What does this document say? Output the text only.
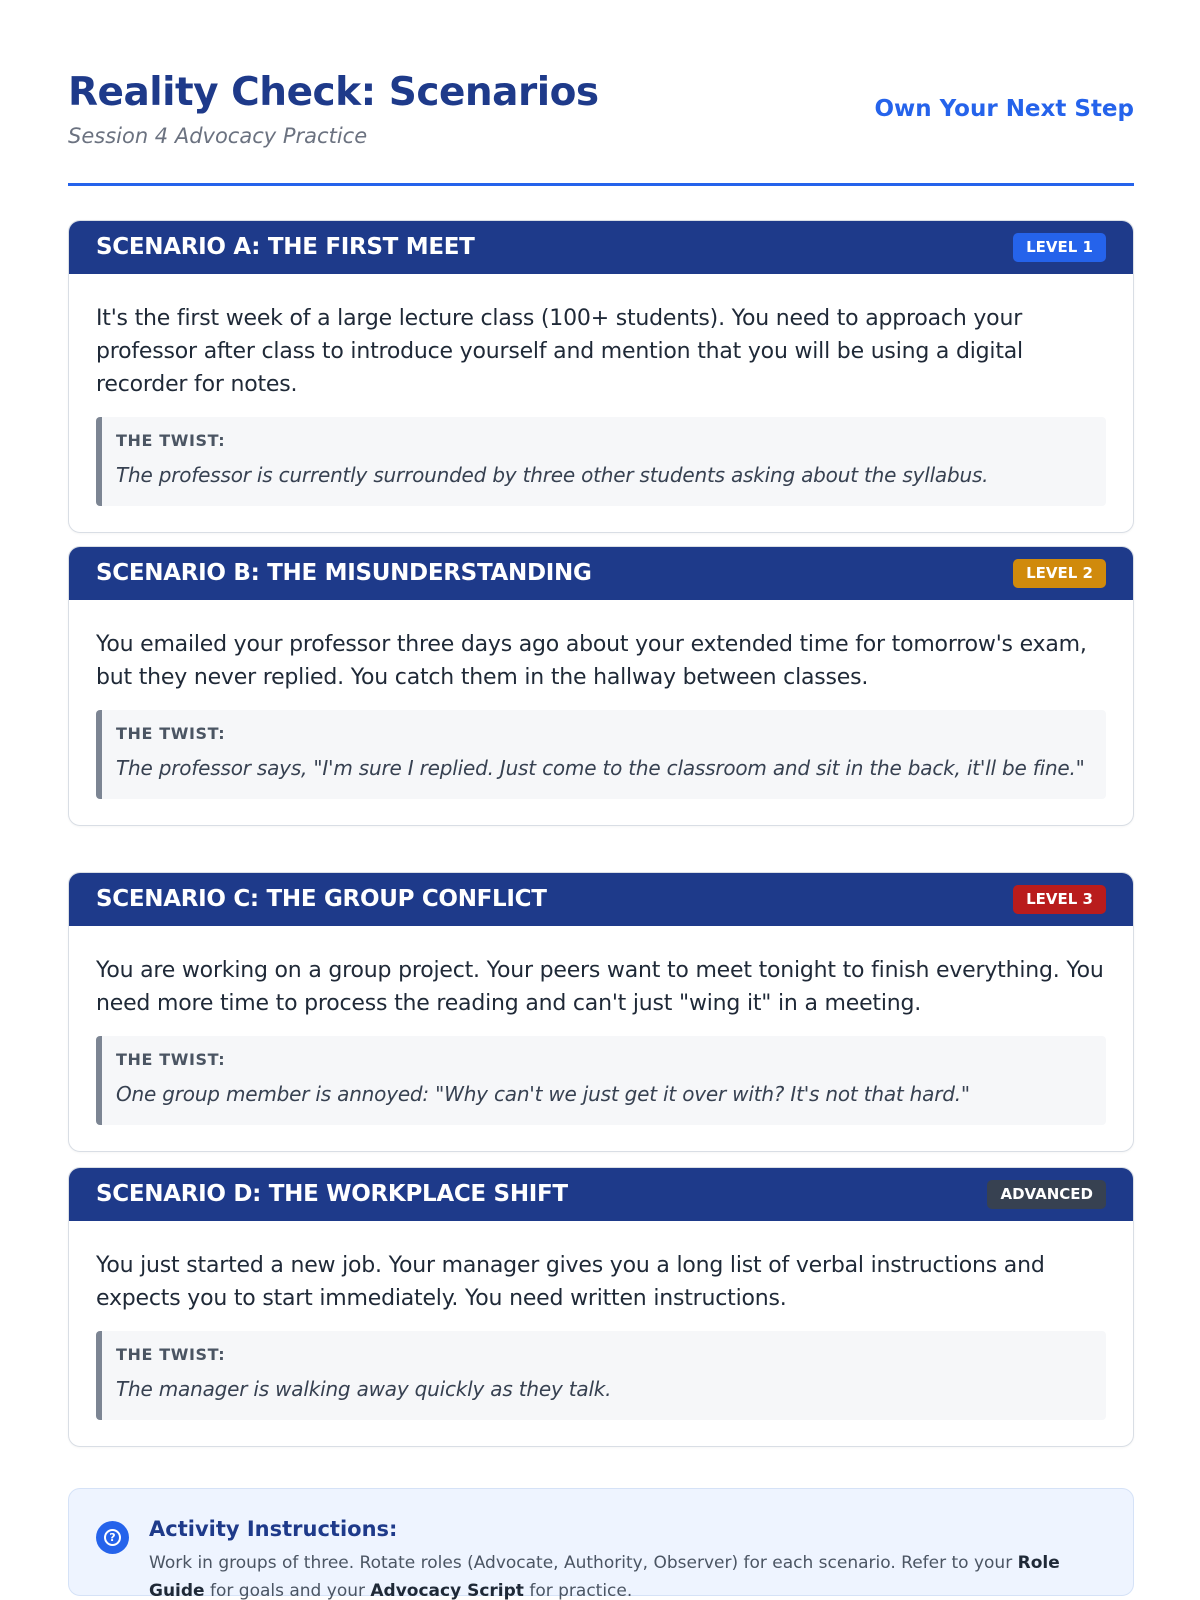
Reality Check: Scenarios
Session 4 Advocacy Practice
Own Your Next Step
SCENARIO A: THE FIRST MEET	LEVEL 1
It's the first week of a large lecture class (100+ students). You need to approach your professor after class to introduce yourself and mention that you will be using a digital recorder for notes.
THE TWIST:
The professor is currently surrounded by three other students asking about the syllabus.
SCENARIO B: THE MISUNDERSTANDING	LEVEL 2
You emailed your professor three days ago about your extended time for tomorrow's exam, but they never replied. You catch them in the hallway between classes.
THE TWIST:
The professor says, "I'm sure I replied. Just come to the classroom and sit in the back, it'll be fine."
SCENARIO C: THE GROUP CONFLICT	LEVEL 3
You are working on a group project. Your peers want to meet tonight to finish everything. You need more time to process the reading and can't just "wing it" in a meeting.
THE TWIST:
One group member is annoyed: "Why can't we just get it over with? It's not that hard."
SCENARIO D: THE WORKPLACE SHIFT	ADVANCED
You just started a new job. Your manager gives you a long list of verbal instructions and expects you to start immediately. You need written instructions.
THE TWIST:
The manager is walking away quickly as they talk.
? Activity Instructions:
Work in groups of three. Rotate roles (Advocate, Authority, Observer) for each scenario. Refer to your Role Guide for goals and your Advocacy Script for practice.
